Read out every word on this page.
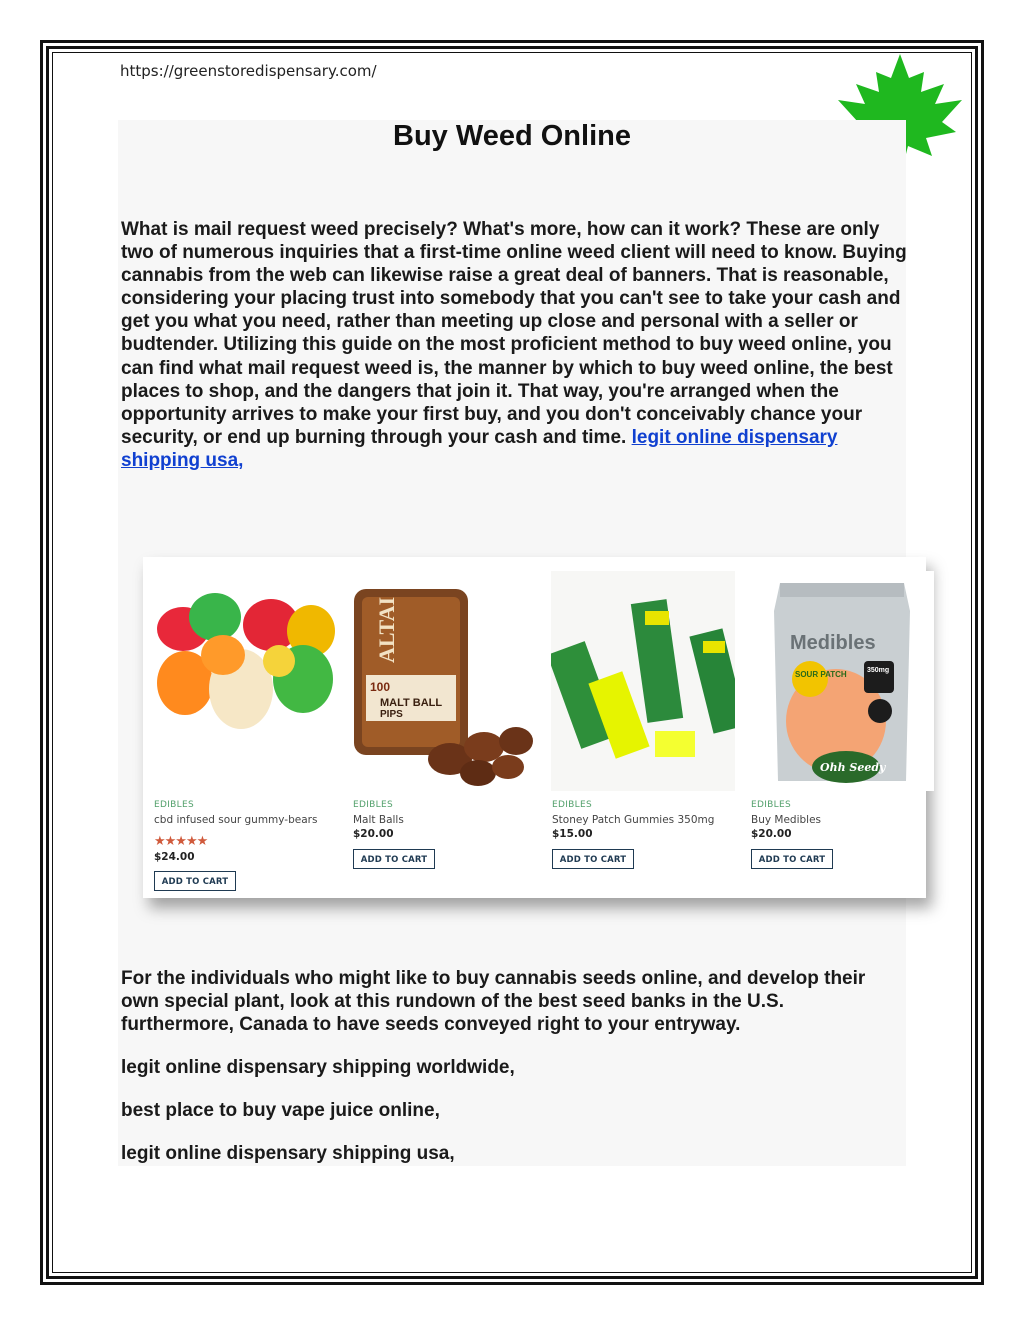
https://greenstoredispensary.com/
Buy Weed Online

What is mail request weed precisely? What's more, how can it work? These are only two of numerous inquiries that a first-time online weed client will need to know. Buying cannabis from the web can likewise raise a great deal of banners. That is reasonable, considering your placing trust into somebody that you can't see to take your cash and get you what you need, rather than meeting up close and personal with a seller or budtender. Utilizing this guide on the most proficient method to buy weed online, you can find what mail request weed is, the manner by which to buy weed online, the best places to shop, and the dangers that join it. That way, you're arranged when the opportunity arrives to make your first buy, and you don't conceivably chance your security, or end up burning through your cash and time. legit online dispensary shipping usa,

EDIBLES
cbd infused sour gummy-bears
★★★★★
$24.00
ADD TO CART
ALTAI
100
MALT BALL
PIPS
EDIBLES
Malt Balls
$20.00
ADD TO CART
EDIBLES
Stoney Patch Gummies 350mg
$15.00
ADD TO CART
Medibles
SOUR PATCH	350mg
Ohh Seedy
EDIBLES
Buy Medibles
$20.00
ADD TO CART

For the individuals who might like to buy cannabis seeds online, and develop their own special plant, look at this rundown of the best seed banks in the U.S. furthermore, Canada to have seeds conveyed right to your entryway.

legit online dispensary shipping worldwide,

best place to buy vape juice online,

legit online dispensary shipping usa,
